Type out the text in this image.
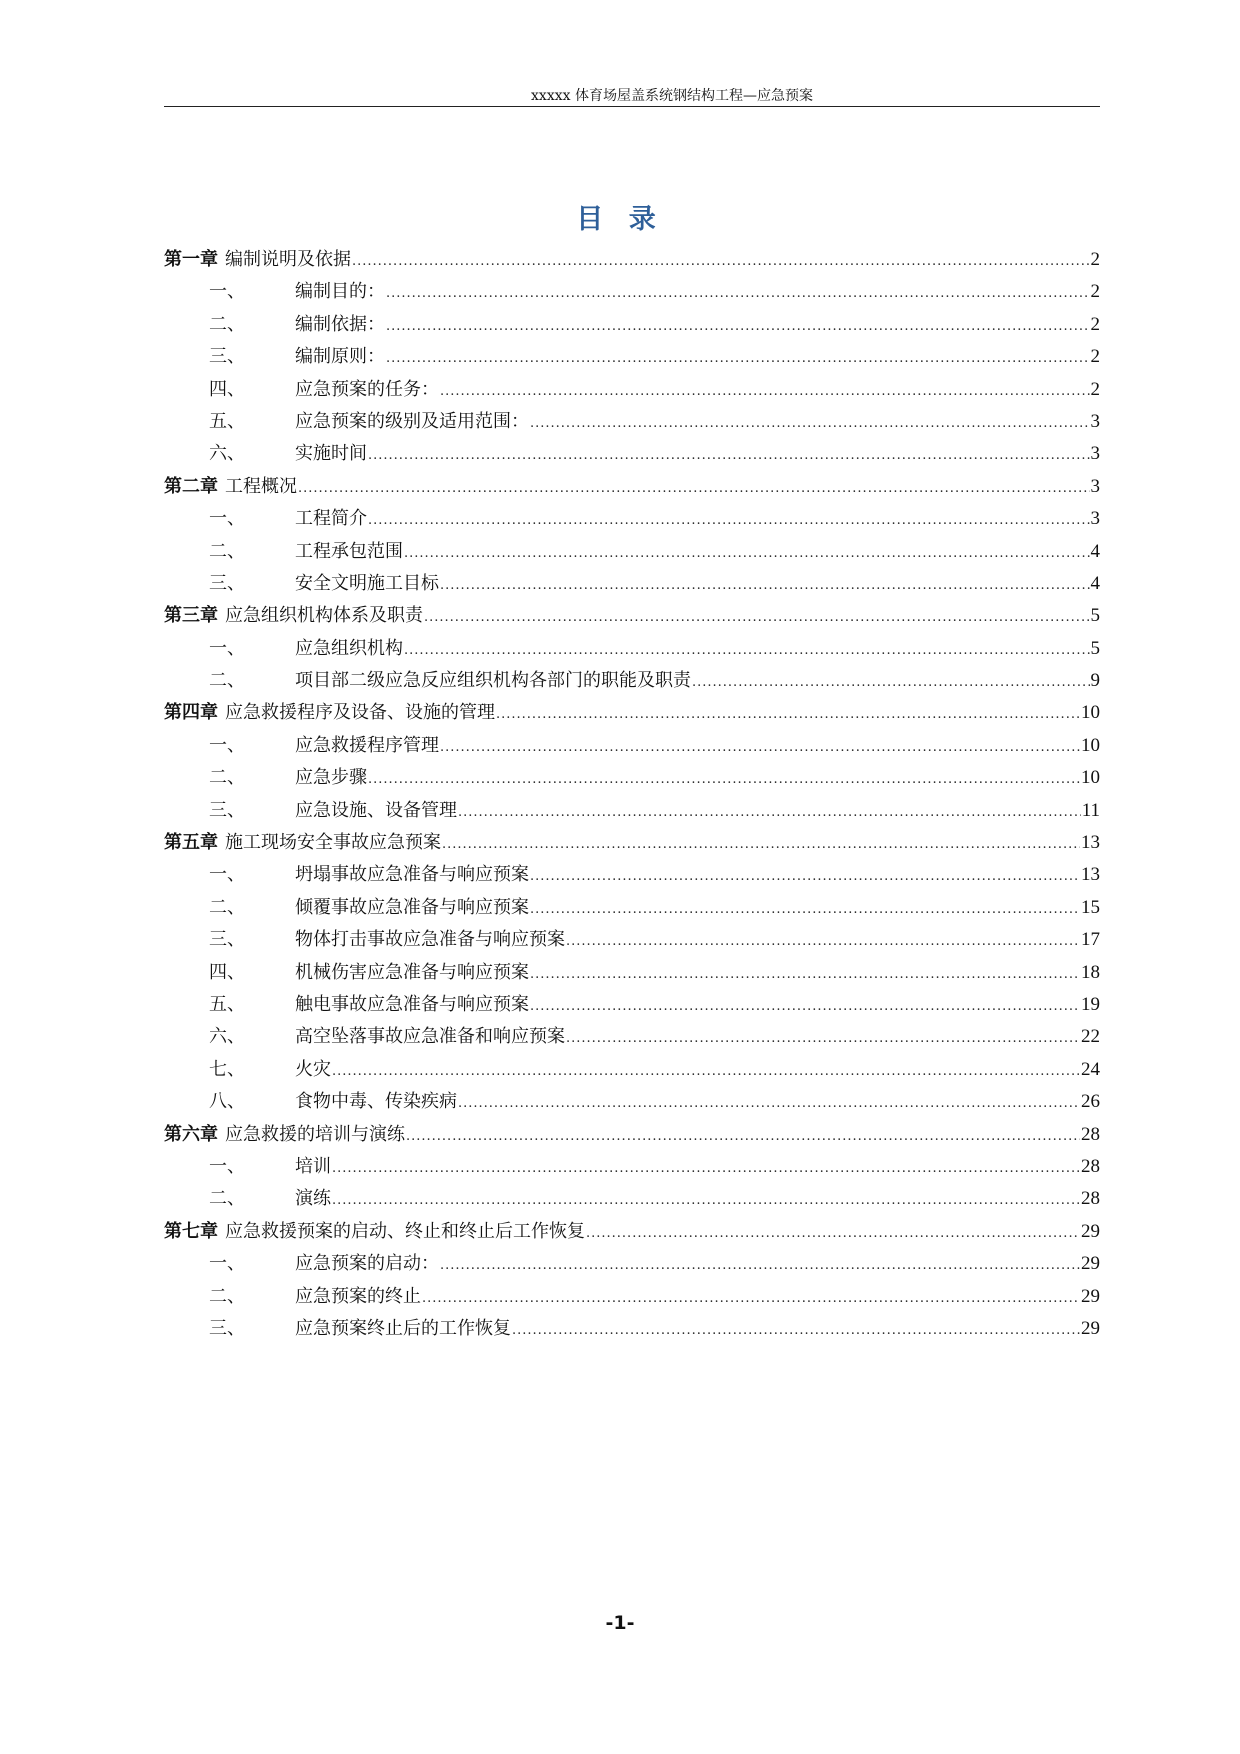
xxxxx 体育场屋盖系统钢结构工程—应急预案
目 录
第一章 编制说明及依据 .....	2
一、	编制目的： .....	2
二、	编制依据： .....	2
三、	编制原则： .....	2
四、	应急预案的任务： .....	2
五、	应急预案的级别及适用范围： .....	3
六、	实施时间 .....	3
第二章 工程概况 .....	3
一、	工程简介 .....	3
二、	工程承包范围 .....	4
三、	安全文明施工目标 .....	4
第三章 应急组织机构体系及职责 .....	5
一、	应急组织机构 .....	5
二、	项目部二级应急反应组织机构各部门的职能及职责 .....	9
第四章 应急救援程序及设备、设施的管理 .....	10
一、	应急救援程序管理 .....	10
二、	应急步骤 .....	10
三、	应急设施、设备管理 .....	11
第五章 施工现场安全事故应急预案 .....	13
一、	坍塌事故应急准备与响应预案 .....	13
二、	倾覆事故应急准备与响应预案 .....	15
三、	物体打击事故应急准备与响应预案 .....	17
四、	机械伤害应急准备与响应预案 .....	18
五、	触电事故应急准备与响应预案 .....	19
六、	高空坠落事故应急准备和响应预案 .....	22
七、	火灾 .....	24
八、	食物中毒、传染疾病 .....	26
第六章 应急救援的培训与演练 .....	28
一、	培训 .....	28
二、	演练 .....	28
第七章 应急救援预案的启动、终止和终止后工作恢复 .....	29
一、	应急预案的启动： .....	29
二、	应急预案的终止 .....	29
三、	应急预案终止后的工作恢复 .....	29
-1-
